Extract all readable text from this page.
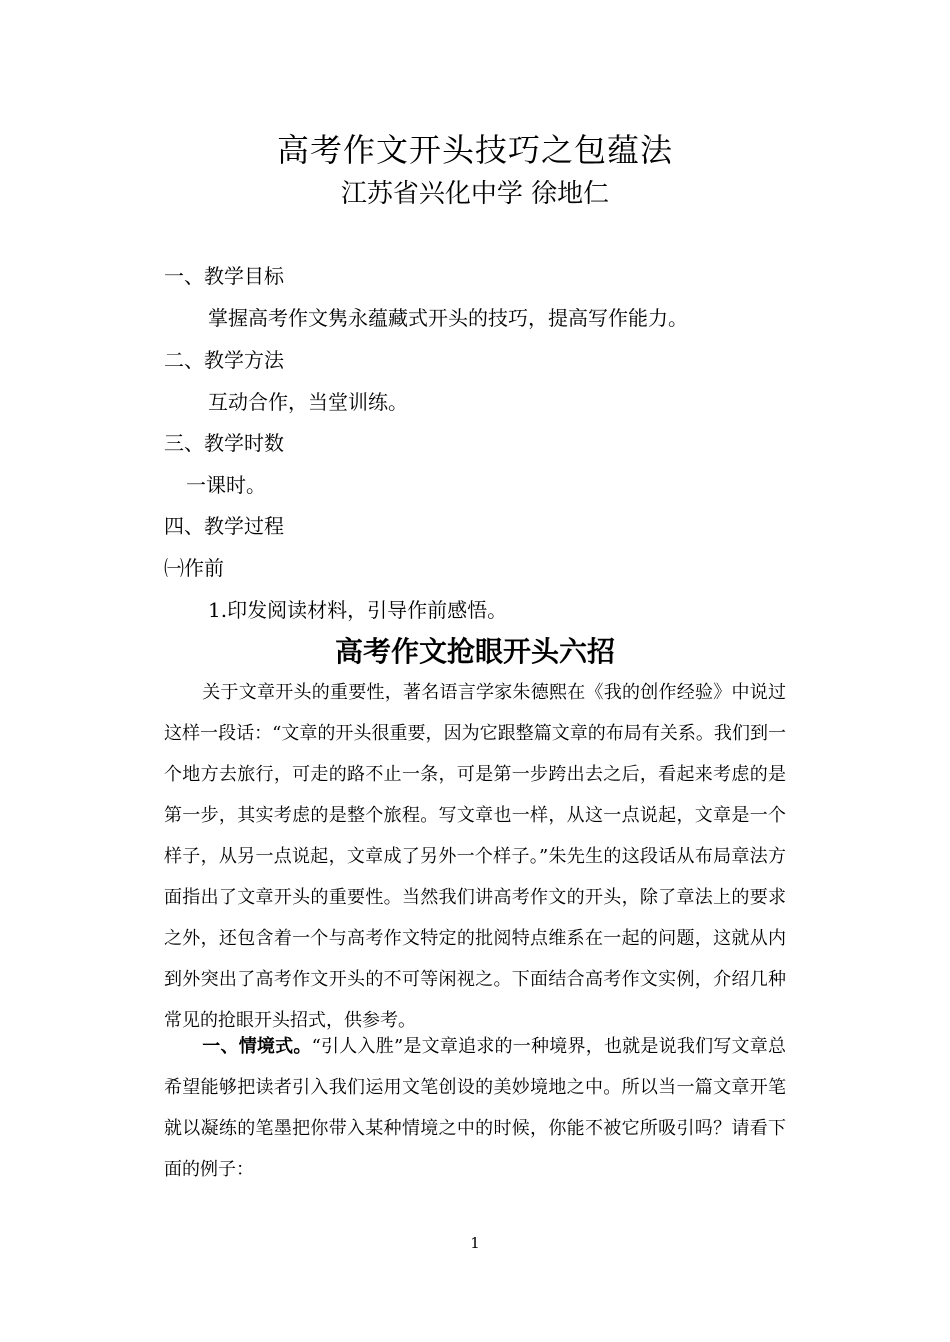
高考作文开头技巧之包蕴法
江苏省兴化中学 徐地仁
一、教学目标
掌握高考作文隽永蕴藏式开头的技巧，提高写作能力。
二、教学方法
互动合作，当堂训练。
三、教学时数
一课时。
四、教学过程
㈠作前
1.印发阅读材料，引导作前感悟。
高考作文抢眼开头六招
关于文章开头的重要性，著名语言学家朱德熙在《我的创作经验》中说过这样一段话：“文章的开头很重要，因为它跟整篇文章的布局有关系。我们到一个地方去旅行，可走的路不止一条，可是第一步跨出去之后，看起来考虑的是第一步，其实考虑的是整个旅程。写文章也一样，从这一点说起，文章是一个样子，从另一点说起，文章成了另外一个样子。”朱先生的这段话从布局章法方面指出了文章开头的重要性。当然我们讲高考作文的开头，除了章法上的要求之外，还包含着一个与高考作文特定的批阅特点维系在一起的问题，这就从内到外突出了高考作文开头的不可等闲视之。下面结合高考作文实例，介绍几种常见的抢眼开头招式，供参考。
一、情境式。“引人入胜”是文章追求的一种境界，也就是说我们写文章总希望能够把读者引入我们运用文笔创设的美妙境地之中。所以当一篇文章开笔就以凝练的笔墨把你带入某种情境之中的时候，你能不被它所吸引吗？请看下面的例子：
1
